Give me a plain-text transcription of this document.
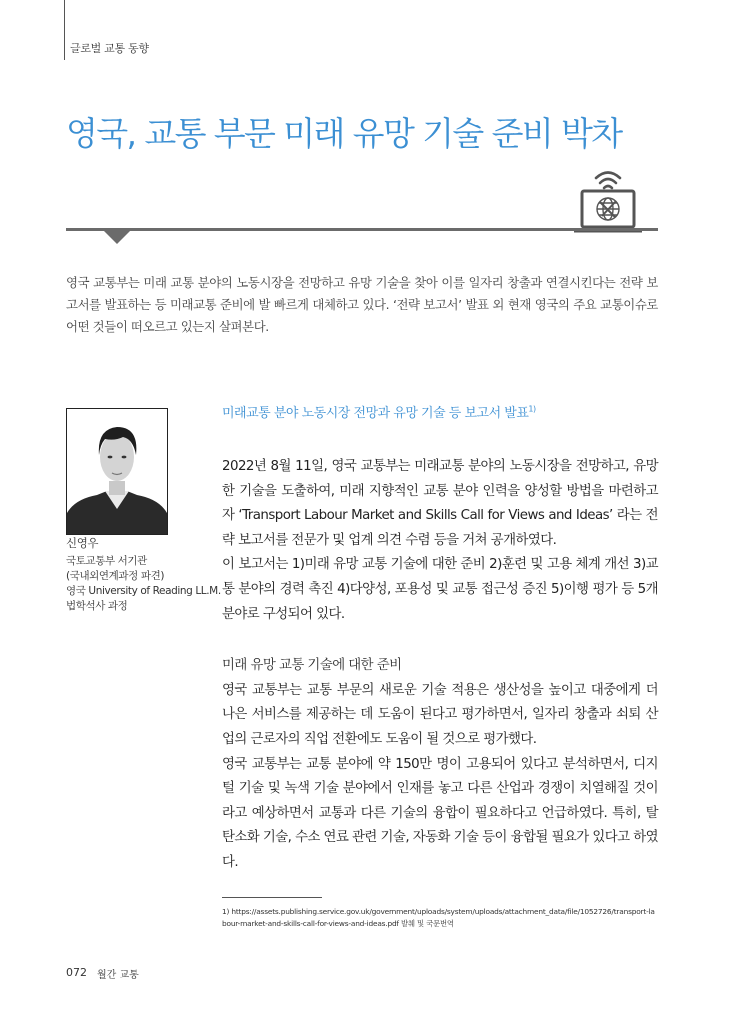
글로벌 교통 동향
영국, 교통 부문 미래 유망 기술 준비 박차
영국 교통부는 미래 교통 분야의 노동시장을 전망하고 유망 기술을 찾아 이를 일자리 창출과 연결시킨다는 전략 보고서를 발표하는 등 미래교통 준비에 발 빠르게 대체하고 있다. ‘전략 보고서’ 발표 외 현재 영국의 주요 교통이슈로 어떤 것들이 떠오르고 있는지 살펴본다.
신영우
국토교통부 서기관
(국내외연계과정 파견)
영국 University of Reading LL.M.
법학석사 과정
미래교통 분야 노동시장 전망과 유망 기술 등 보고서 발표$^{1)}$

2022년 8월 11일, 영국 교통부는 미래교통 분야의 노동시장을 전망하고, 유망한 기술을 도출하여, 미래 지향적인 교통 분야 인력을 양성할 방법을 마련하고자 ‘Transport Labour Market and Skills Call for Views and Ideas’ 라는 전략 보고서를 전문가 및 업계 의견 수렴 등을 거쳐 공개하였다.

이 보고서는 1)미래 유망 교통 기술에 대한 준비 2)훈련 및 고용 체계 개선 3)교통 분야의 경력 촉진 4)다양성, 포용성 및 교통 접근성 증진 5)이행 평가 등 5개 분야로 구성되어 있다.

미래 유망 교통 기술에 대한 준비

영국 교통부는 교통 부문의 새로운 기술 적용은 생산성을 높이고 대중에게 더 나은 서비스를 제공하는 데 도움이 된다고 평가하면서, 일자리 창출과 쇠퇴 산업의 근로자의 직업 전환에도 도움이 될 것으로 평가했다.

영국 교통부는 교통 분야에 약 150만 명이 고용되어 있다고 분석하면서, 디지털 기술 및 녹색 기술 분야에서 인재를 놓고 다른 산업과 경쟁이 치열해질 것이라고 예상하면서 교통과 다른 기술의 융합이 필요하다고 언급하였다. 특히, 탈탄소화 기술, 수소 연료 관련 기술, 자동화 기술 등이 융합될 필요가 있다고 하였다.

1) https://assets.publishing.service.gov.uk/government/uploads/system/uploads/attachment_data/file/1052726/transport-labour-market-and-skills-call-for-views-and-ideas.pdf 발췌 및 국문번역
072 월간 교통
